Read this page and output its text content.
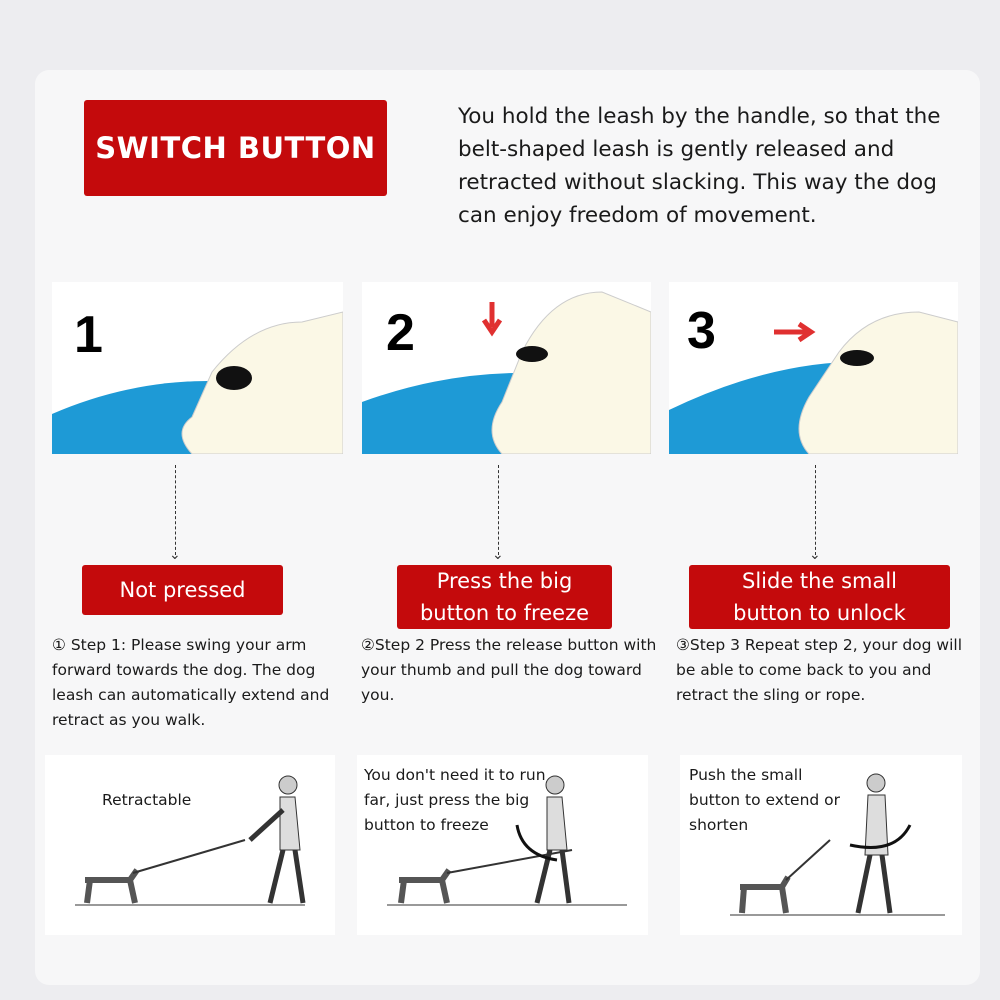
SWITCH BUTTON
You hold the leash by the handle, so that the belt-shaped leash is gently released and retracted without slacking. This way the dog can enjoy freedom of movement.
1	2	3
⌄	⌄	⌄
Not pressed	Press the big button to freeze
Slide the small button to unlock
① Step 1: Please swing your arm forward towards the dog. The dog leash can automatically extend and retract as you walk.
②Step 2 Press the release button with your thumb and pull the dog toward you.
③Step 3 Repeat step 2, your dog will be able to come back to you and retract the sling or rope.
Retractable
You don't need it to run far, just press the big button to freeze
Push the small button to extend or shorten
